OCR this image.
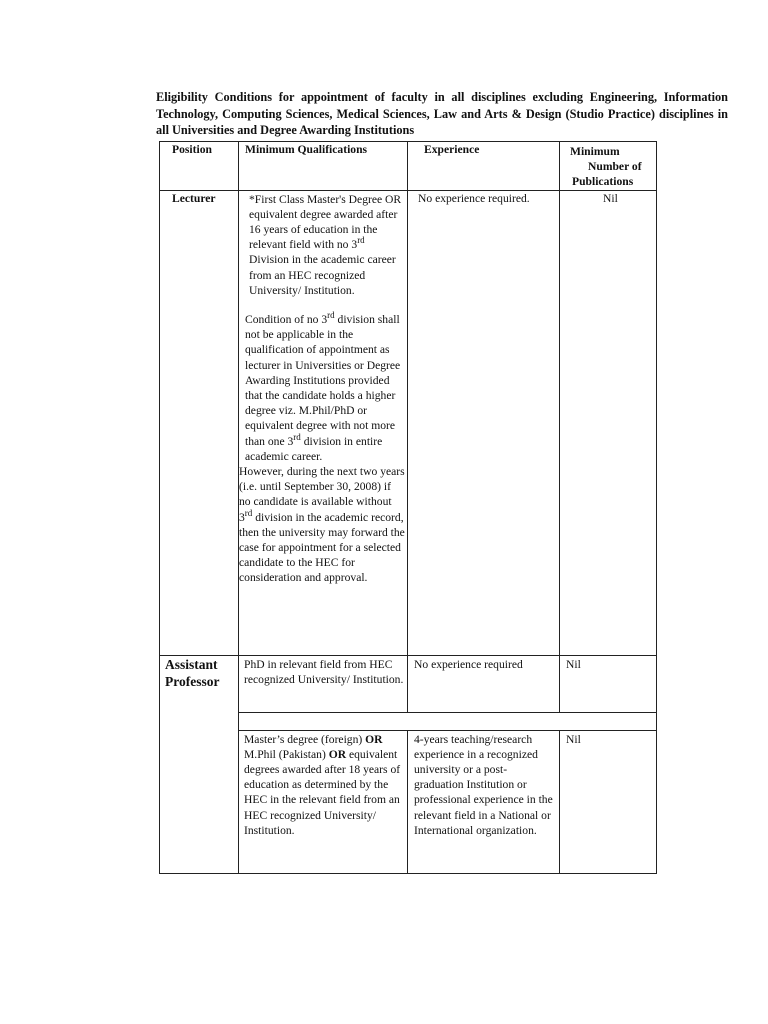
Eligibility Conditions for appointment of faculty in all disciplines excluding Engineering, Information Technology, Computing Sciences, Medical Sciences, Law and Arts & Design (Studio Practice) disciplines in all Universities and Degree Awarding Institutions
Position	Minimum Qualifications	Experience	Minimum
Number of
Publications

Lecturer	*First Class Master's Degree OR equivalent degree awarded after 16 years of education in the relevant field with no 3rd Division in the academic career from an HEC recognized University/ Institution.
Condition of no 3rd division shall not be applicable in the qualification of appointment as lecturer in Universities or Degree Awarding Institutions provided that the candidate holds a higher degree viz. M.Phil/PhD or equivalent degree with not more than one 3rd division in entire academic career.
However, during the next two years (i.e. until September 30, 2008) if no candidate is available without 3rd division in the academic record, then the university may forward the case for appointment for a selected candidate to the HEC for consideration and approval.	No experience required.	Nil
Assistant Professor	PhD in relevant field from HEC recognized University/ Institution.	No experience required	Nil

	Master’s degree (foreign) OR M.Phil (Pakistan) OR equivalent degrees awarded after 18 years of education as determined by the HEC in the relevant field from an HEC recognized University/ Institution.	4-years teaching/research experience in a recognized university or a post- graduation Institution or professional experience in the relevant field in a National or International organization.	Nil
